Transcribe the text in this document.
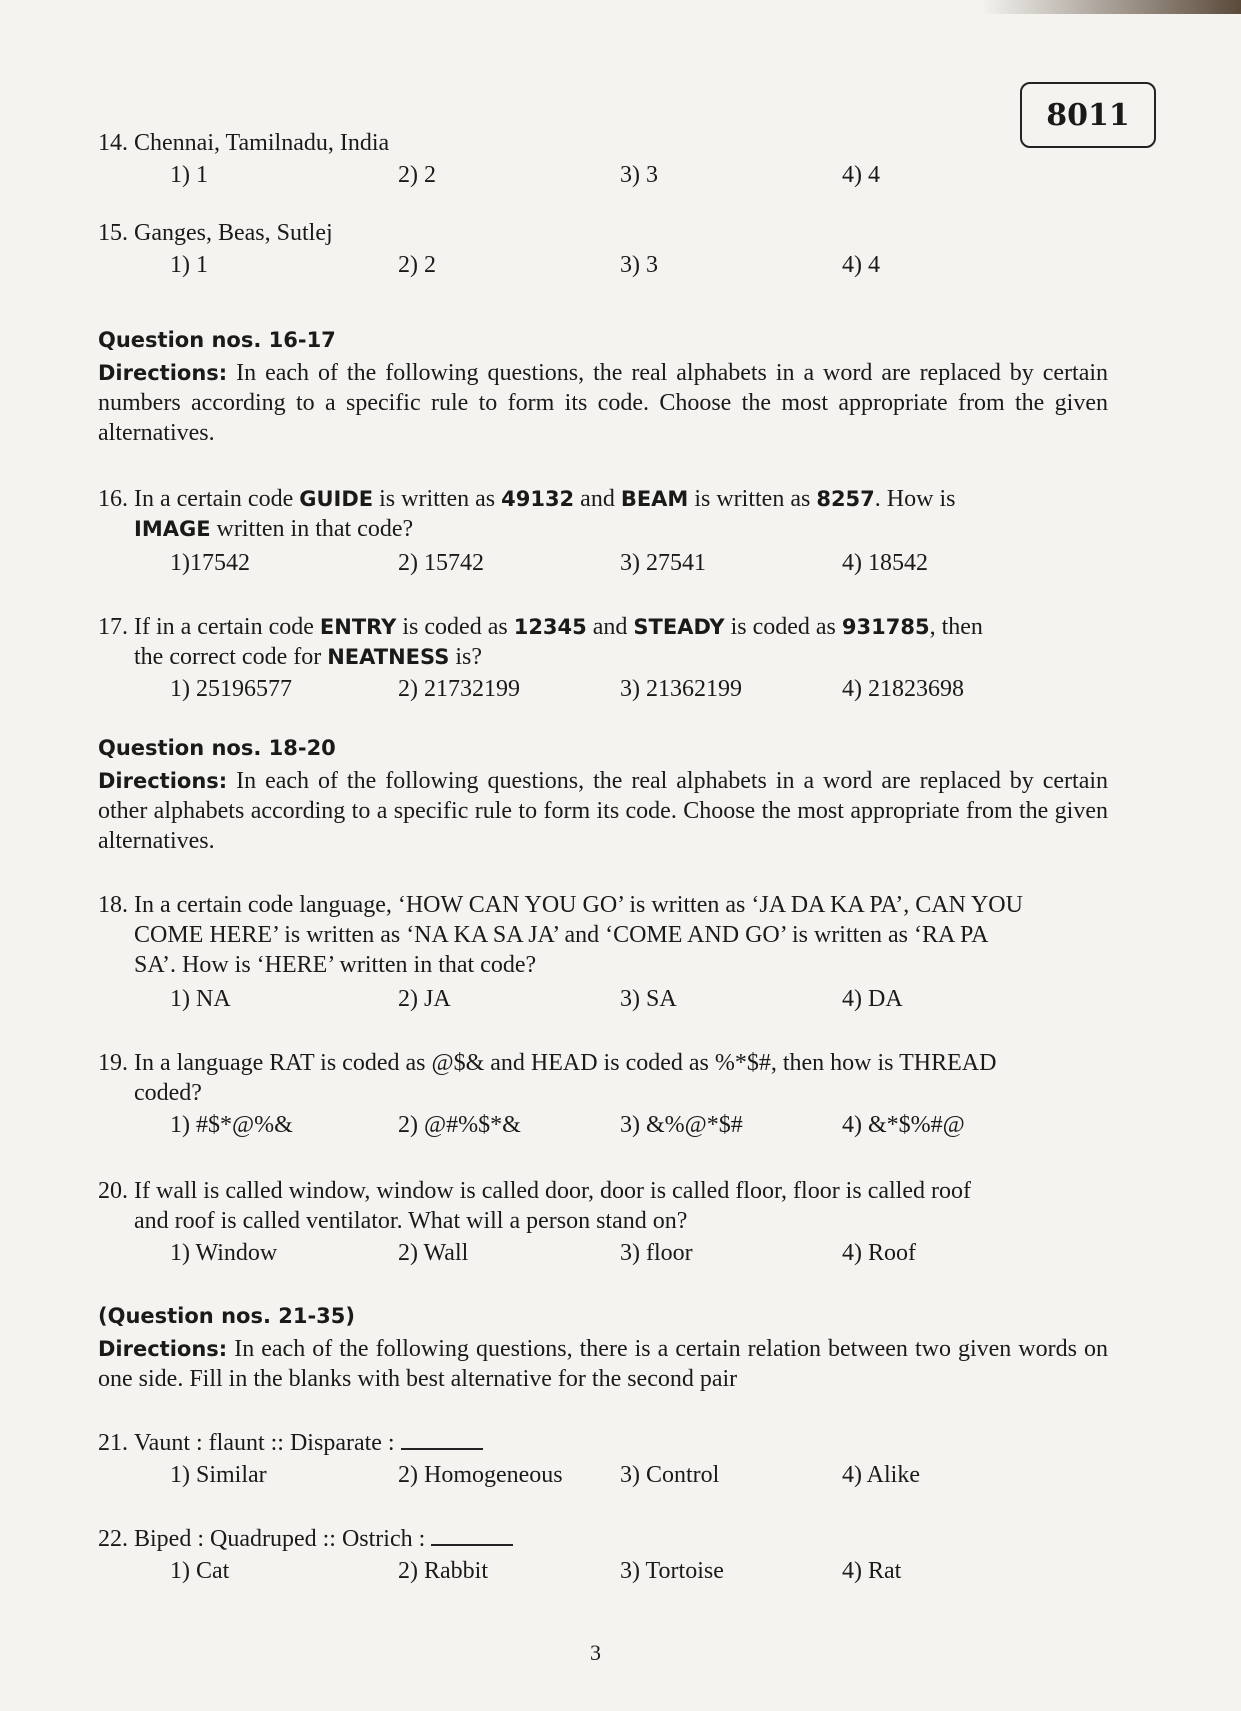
8011
14. Chennai, Tamilnadu, India
1) 1	2) 2	3) 3	4) 4
15. Ganges, Beas, Sutlej
1) 1	2) 2	3) 3	4) 4
Question nos. 16-17
Directions: In each of the following questions, the real alphabets in a word are replaced by certain numbers according to a specific rule to form its code. Choose the most appropriate from the given alternatives.
16. In a certain code GUIDE is written as 49132 and BEAM is written as 8257. How is
IMAGE written in that code?
1)17542	2) 15742	3) 27541	4) 18542
17. If in a certain code ENTRY is coded as 12345 and STEADY is coded as 931785, then
the correct code for NEATNESS is?
1) 25196577	2) 21732199	3) 21362199	4) 21823698
Question nos. 18-20
Directions: In each of the following questions, the real alphabets in a word are replaced by certain other alphabets according to a specific rule to form its code. Choose the most appropriate from the given alternatives.
18. In a certain code language, ‘HOW CAN YOU GO’ is written as ‘JA DA KA PA’, CAN YOU
COME HERE’ is written as ‘NA KA SA JA’ and ‘COME AND GO’ is written as ‘RA PA
SA’. How is ‘HERE’ written in that code?
1) NA	2) JA	3) SA	4) DA
19. In a language RAT is coded as @$& and HEAD is coded as %*$#, then how is THREAD
coded?
1) #$*@%&	2) @#%$*&	3) &%@*$#	4) &*$%#@
20. If wall is called window, window is called door, door is called floor, floor is called roof
and roof is called ventilator. What will a person stand on?
1) Window	2) Wall	3) floor	4) Roof
(Question nos. 21-35)
Directions: In each of the following questions, there is a certain relation between two given words on one side. Fill in the blanks with best alternative for the second pair
21. Vaunt : flaunt :: Disparate :
1) Similar	2) Homogeneous 3) Control	4) Alike
22. Biped : Quadruped :: Ostrich :
1) Cat	2) Rabbit	3) Tortoise	4) Rat
3
